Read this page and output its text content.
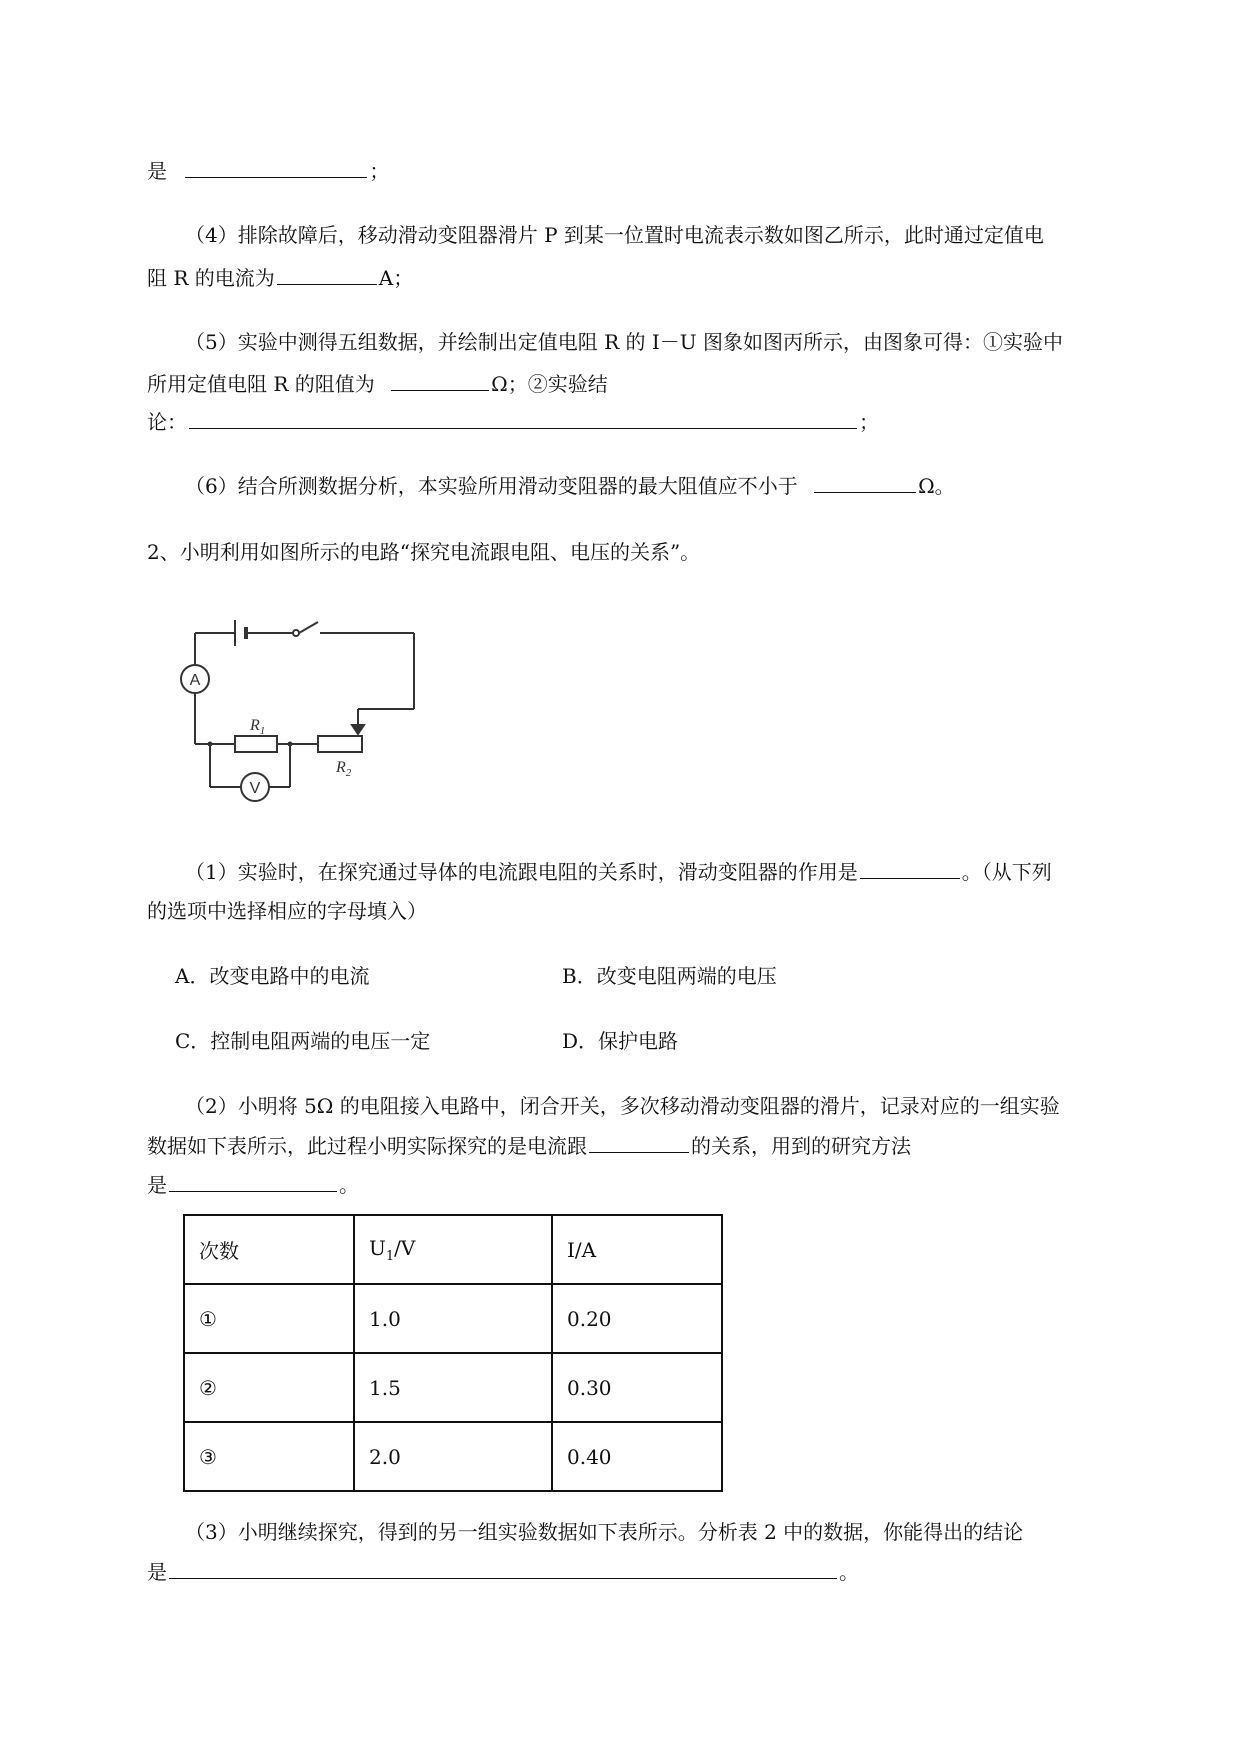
是	；
（4）排除故障后，移动滑动变阻器滑片 P 到某一位置时电流表示数如图乙所示，此时通过定值电
阻 R 的电流为	A；
（5）实验中测得五组数据，并绘制出定值电阻 R 的 I－U 图象如图丙所示，由图象可得：①实验中
所用定值电阻 R 的阻值为	Ω；②实验结
论：	；
（6）结合所测数据分析，本实验所用滑动变阻器的最大阻值应不小于	Ω。
2、小明利用如图所示的电路“探究电流跟电阻、电压的关系”。
A
V
$R_1$
$R_2$
（1）实验时，在探究通过导体的电流跟电阻的关系时，滑动变阻器的作用是	。（从下列
的选项中选择相应的字母填入）
A．改变电路中的电流	B．改变电阻两端的电压
C．控制电阻两端的电压一定	D．保护电路
（2）小明将 5Ω 的电阻接入电路中，闭合开关，多次移动滑动变阻器的滑片，记录对应的一组实验
数据如下表所示，此过程小明实际探究的是电流跟	的关系，用到的研究方法
是	。
次数	$U_1/V$	I/A
①	1.0	0.20
②	1.5	0.30
③	2.0	0.40
（3）小明继续探究，得到的另一组实验数据如下表所示。分析表 2 中的数据，你能得出的结论
是	。
